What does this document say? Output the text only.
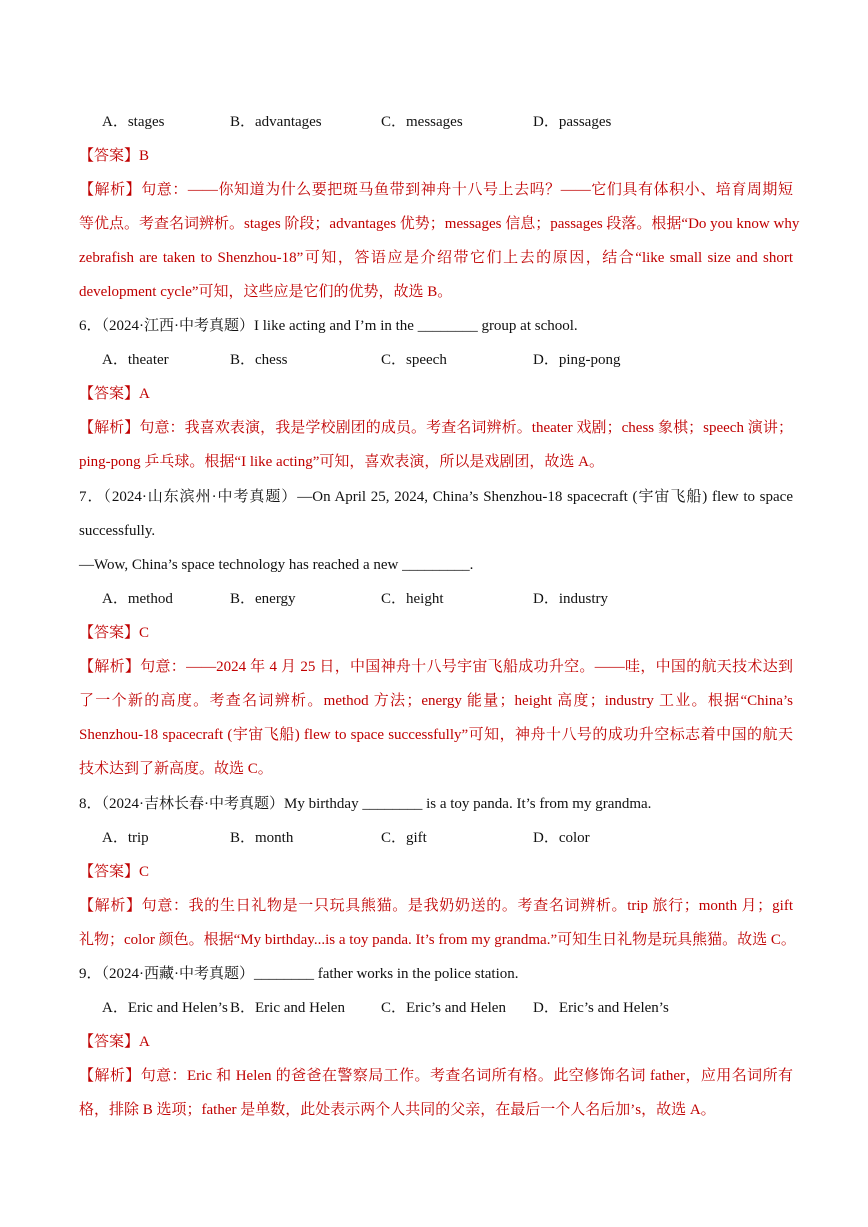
A．stages	B．advantages	C．messages	D．passages
【答案】B
【解析】句意：——你知道为什么要把斑马鱼带到神舟十八号上去吗？——它们具有体积小、培育周期短
等优点。考查名词辨析。stages 阶段；advantages 优势；messages 信息；passages 段落。根据“Do you know why
zebrafish are taken to Shenzhou-18”可知，答语应是介绍带它们上去的原因，结合“like small size and short
development cycle”可知，这些应是它们的优势，故选 B。
6．（2024·江西·中考真题）I like acting and I’m in the ________ group at school.
A．theater	B．chess	C．speech	D．ping-pong
【答案】A
【解析】句意：我喜欢表演，我是学校剧团的成员。考查名词辨析。theater 戏剧；chess 象棋；speech 演讲；
ping-pong 乒乓球。根据“I like acting”可知，喜欢表演，所以是戏剧团，故选 A。
7．（2024·山东滨州·中考真题）—On April 25, 2024, China’s Shenzhou-18 spacecraft (宇宙飞船) flew to space
successfully.
—Wow, China’s space technology has reached a new _________.
A．method	B．energy	C．height	D．industry
【答案】C
【解析】句意：——2024 年 4 月 25 日，中国神舟十八号宇宙飞船成功升空。——哇，中国的航天技术达到
了一个新的高度。考查名词辨析。method 方法；energy 能量；height 高度；industry 工业。根据“China’s
Shenzhou-18 spacecraft (宇宙飞船) flew to space successfully”可知，神舟十八号的成功升空标志着中国的航天
技术达到了新高度。故选 C。
8．（2024·吉林长春·中考真题）My birthday ________ is a toy panda. It’s from my grandma.
A．trip	B．month	C．gift	D．color
【答案】C
【解析】句意：我的生日礼物是一只玩具熊猫。是我奶奶送的。考查名词辨析。trip 旅行；month 月；gift
礼物；color 颜色。根据“My birthday...is a toy panda. It’s from my grandma.”可知生日礼物是玩具熊猫。故选 C。
9．（2024·西藏·中考真题）________ father works in the police station.
A．Eric and Helen’s B．Eric and Helen C．Eric’s and Helen D．Eric’s and Helen’s
【答案】A
【解析】句意：Eric 和 Helen 的爸爸在警察局工作。考查名词所有格。此空修饰名词 father，应用名词所有
格，排除 B 选项；father 是单数，此处表示两个人共同的父亲，在最后一个人名后加’s，故选 A。
